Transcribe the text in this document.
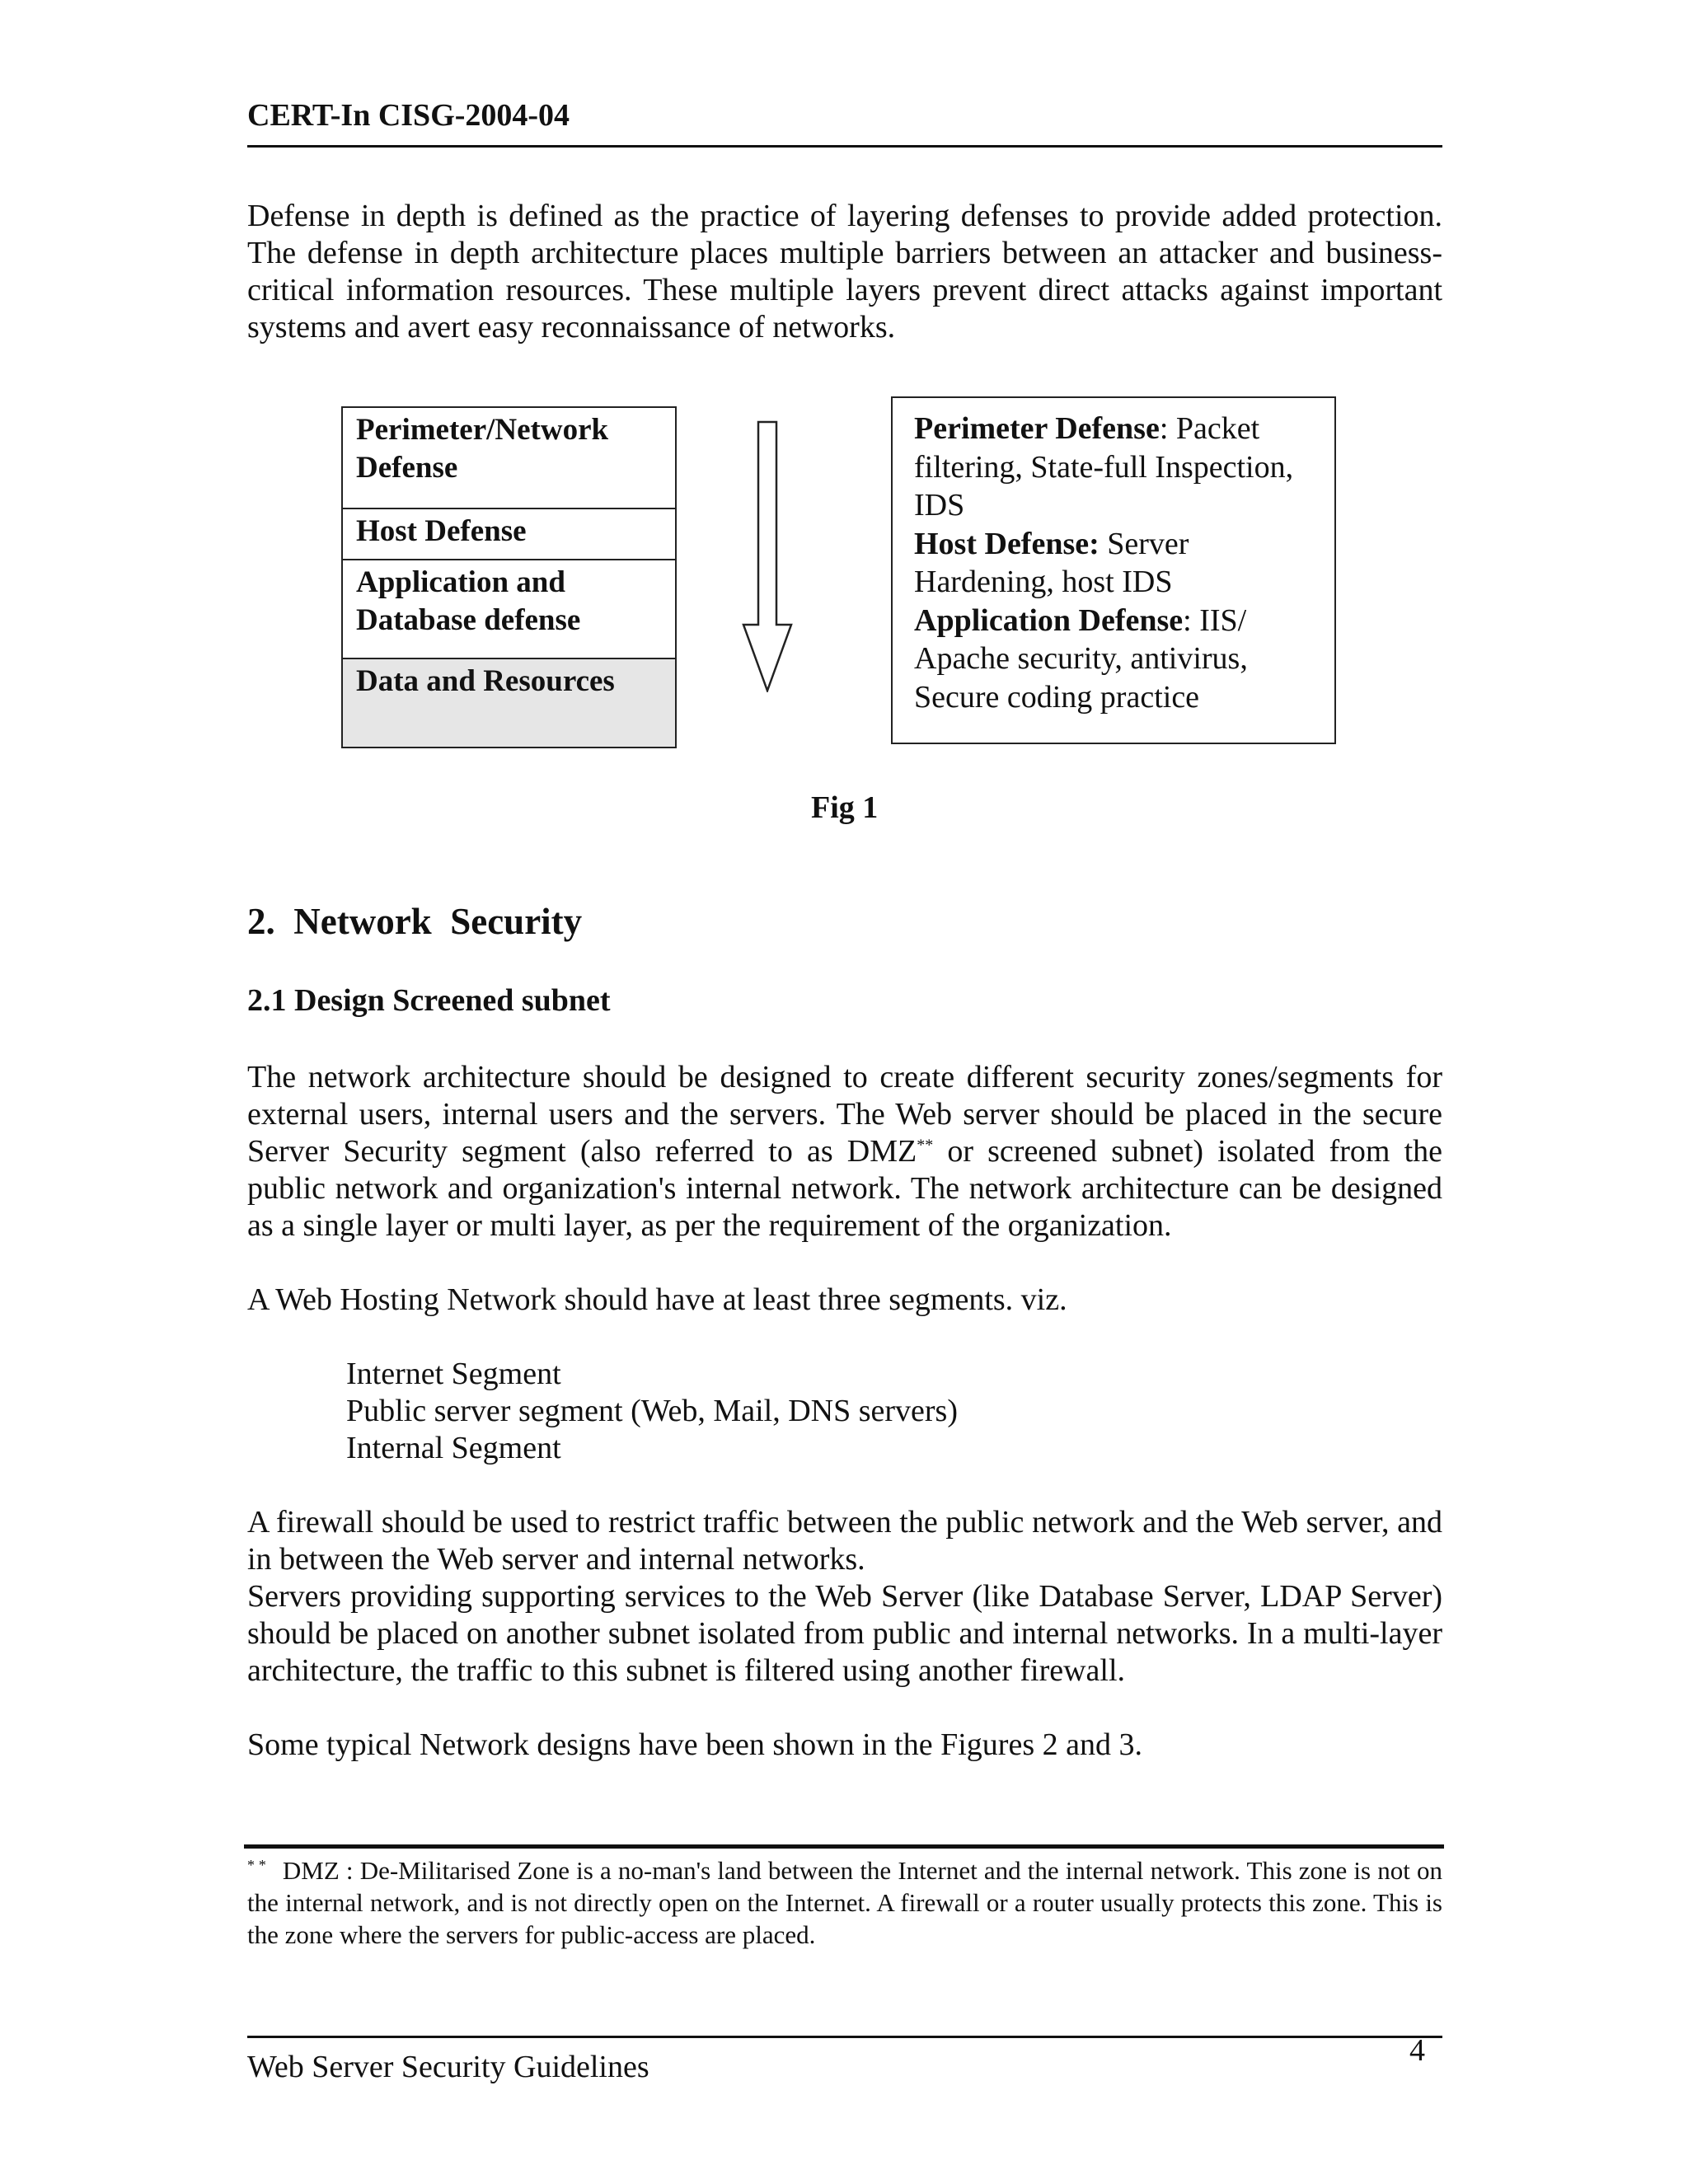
CERT-In CISG-2004-04

Defense in depth is defined as the practice of layering defenses to provide added protection. The defense in depth architecture places multiple barriers between an attacker and business-critical information resources. These multiple layers prevent direct attacks against important systems and avert easy reconnaissance of networks.

Perimeter/Network Defense
Host Defense
Application and Database defense
Data and Resources
Perimeter Defense: Packet filtering, State-full Inspection, IDS
Host Defense: Server Hardening, host IDS
Application Defense: IIS/ Apache security, antivirus, Secure coding practice
Fig 1
2.  Network  Security
2.1 Design Screened subnet

The network architecture should be designed to create different security zones/segments for external users, internal users and the servers. The Web server should be placed in the secure Server Security segment (also referred to as DMZ** or screened subnet) isolated from the public network and organization's internal network. The network architecture can be designed as a single layer or multi layer, as per the requirement of the organization.

A Web Hosting Network should have at least three segments. viz.

Internet Segment
Public server segment (Web, Mail, DNS servers)
Internal Segment
A firewall should be used to restrict traffic between the public network and the Web server, and in between the Web server and internal networks.
Servers providing supporting services to the Web Server (like Database Server, LDAP Server) should be placed on another subnet isolated from public and internal networks. In a multi-layer architecture, the traffic to this subnet is filtered using another firewall.

Some typical Network designs have been shown in the Figures 2 and 3.

* * DMZ : De-Militarised Zone is a no-man's land between the Internet and the internal network. This zone is not on the internal network, and is not directly open on the Internet. A firewall or a router usually protects this zone. This is the zone where the servers for public-access are placed.

Web Server Security Guidelines	4
